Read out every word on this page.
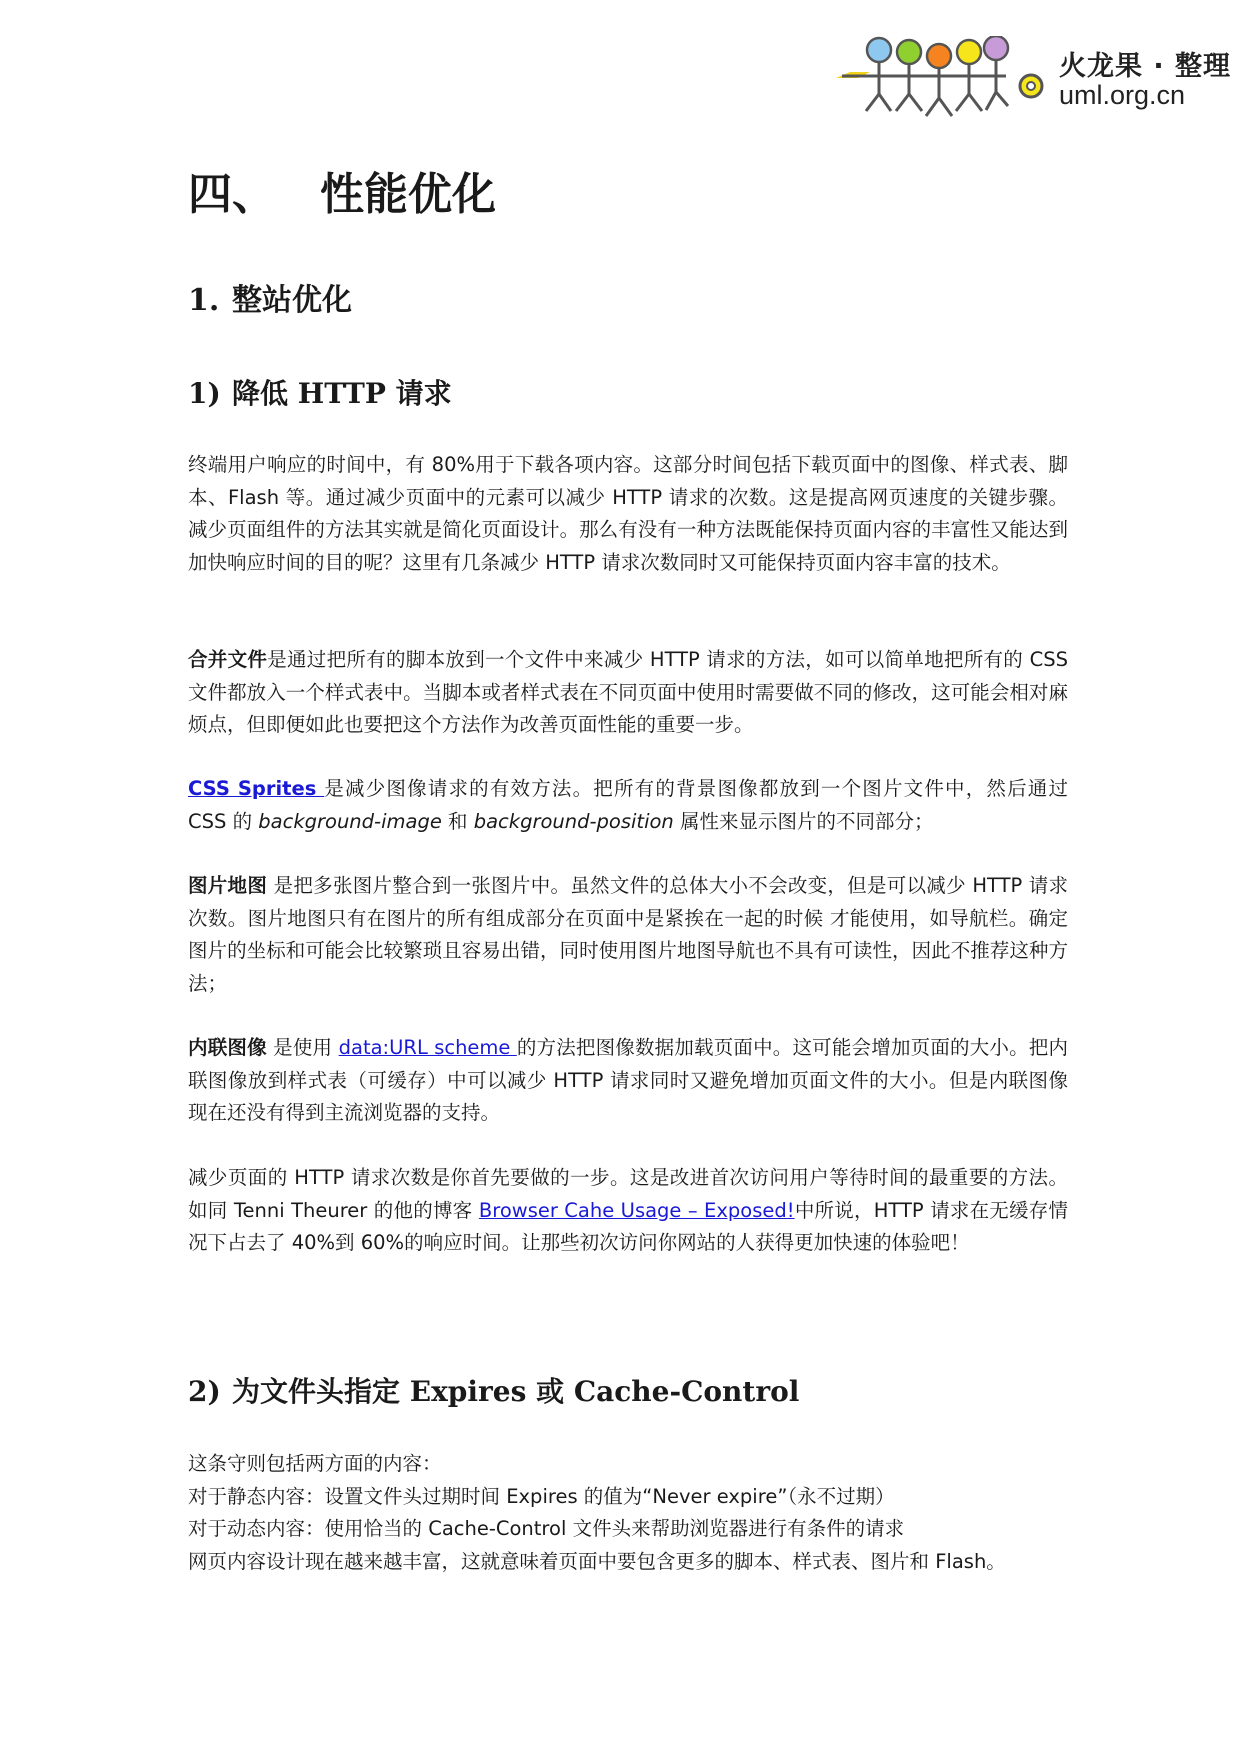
火龙果 · 整理
uml.org.cn
四、 性能优化
1. 整站优化
1) 降低 HTTP 请求

终端用户响应的时间中，有 80%用于下载各项内容。这部分时间包括下载页面中的图像、样式表、脚本、Flash 等。通过减少页面中的元素可以减少 HTTP 请求的次数。这是提高网页速度的关键步骤。减少页面组件的方法其实就是简化页面设计。那么有没有一种方法既能保持页面内容的丰富性又能达到加快响应时间的目的呢？这里有几条减少 HTTP 请求次数同时又可能保持页面内容丰富的技术。

合并文件是通过把所有的脚本放到一个文件中来减少 HTTP 请求的方法，如可以简单地把所有的 CSS 文件都放入一个样式表中。当脚本或者样式表在不同页面中使用时需要做不同的修改，这可能会相对麻烦点，但即便如此也要把这个方法作为改善页面性能的重要一步。

CSS Sprites 是减少图像请求的有效方法。把所有的背景图像都放到一个图片文件中，然后通过 CSS 的 background-image 和 background-position 属性来显示图片的不同部分；

图片地图 是把多张图片整合到一张图片中。虽然文件的总体大小不会改变，但是可以减少 HTTP 请求次数。图片地图只有在图片的所有组成部分在页面中是紧挨在一起的时候 才能使用，如导航栏。确定图片的坐标和可能会比较繁琐且容易出错，同时使用图片地图导航也不具有可读性，因此不推荐这种方法；

内联图像 是使用 data:URL scheme 的方法把图像数据加载页面中。这可能会增加页面的大小。把内联图像放到样式表（可缓存）中可以减少 HTTP 请求同时又避免增加页面文件的大小。但是内联图像现在还没有得到主流浏览器的支持。

减少页面的 HTTP 请求次数是你首先要做的一步。这是改进首次访问用户等待时间的最重要的方法。如同 Tenni Theurer 的他的博客 Browser Cahe Usage – Exposed!中所说，HTTP 请求在无缓存情况下占去了 40%到 60%的响应时间。让那些初次访问你网站的人获得更加快速的体验吧！

2) 为文件头指定 Expires 或 Cache-Control

这条守则包括两方面的内容：
对于静态内容：设置文件头过期时间 Expires 的值为“Never expire”（永不过期）
对于动态内容：使用恰当的 Cache-Control 文件头来帮助浏览器进行有条件的请求
网页内容设计现在越来越丰富，这就意味着页面中要包含更多的脚本、样式表、图片和 Flash。
